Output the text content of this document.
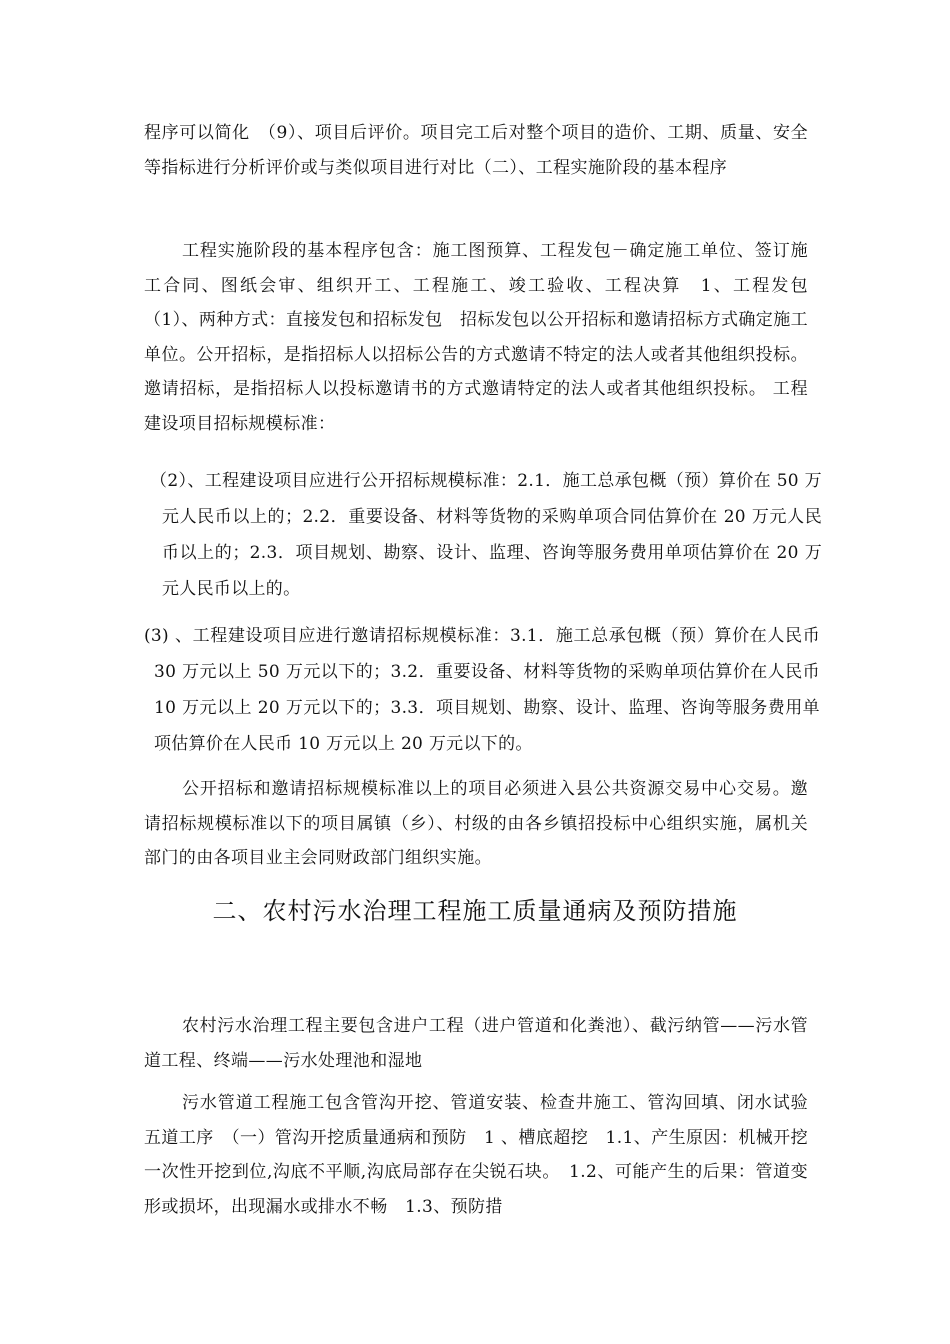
程序可以简化　（9）、项目后评价。项目完工后对整个项目的造价、工期、质量、安全等指标进行分析评价或与类似项目进行对比（二）、工程实施阶段的基本程序

工程实施阶段的基本程序包含：施工图预算、工程发包－确定施工单位、签订施工合同、图纸会审、组织开工、工程施工、竣工验收、工程决算　1、工程发包　（1）、两种方式：直接发包和招标发包　招标发包以公开招标和邀请招标方式确定施工单位。公开招标，是指招标人以招标公告的方式邀请不特定的法人或者其他组织投标。邀请招标，是指招标人以投标邀请书的方式邀请特定的法人或者其他组织投标。 工程建设项目招标规模标准：

（2）、工程建设项目应进行公开招标规模标准：2.1．施工总承包概（预）算价在 50 万元人民币以上的；2.2．重要设备、材料等货物的采购单项合同估算价在 20 万元人民币以上的；2.3．项目规划、勘察、设计、监理、咨询等服务费用单项估算价在 20 万元人民币以上的。

(3) 、工程建设项目应进行邀请招标规模标准：3.1．施工总承包概（预）算价在人民币 30 万元以上 50 万元以下的；3.2．重要设备、材料等货物的采购单项估算价在人民币 10 万元以上 20 万元以下的；3.3．项目规划、勘察、设计、监理、咨询等服务费用单项估算价在人民币 10 万元以上 20 万元以下的。

公开招标和邀请招标规模标准以上的项目必须进入县公共资源交易中心交易。邀请招标规模标准以下的项目属镇（乡）、村级的由各乡镇招投标中心组织实施，属机关部门的由各项目业主会同财政部门组织实施。

二、农村污水治理工程施工质量通病及预防措施

农村污水治理工程主要包含进户工程（进户管道和化粪池）、截污纳管——污水管道工程、终端——污水处理池和湿地

污水管道工程施工包含管沟开挖、管道安装、检查井施工、管沟回填、闭水试验五道工序　（一）管沟开挖质量通病和预防　1 、槽底超挖　1.1、产生原因：机械开挖一次性开挖到位,沟底不平顺,沟底局部存在尖锐石块。　1.2、可能产生的后果：管道变形或损坏，出现漏水或排水不畅　1.3、预防措
